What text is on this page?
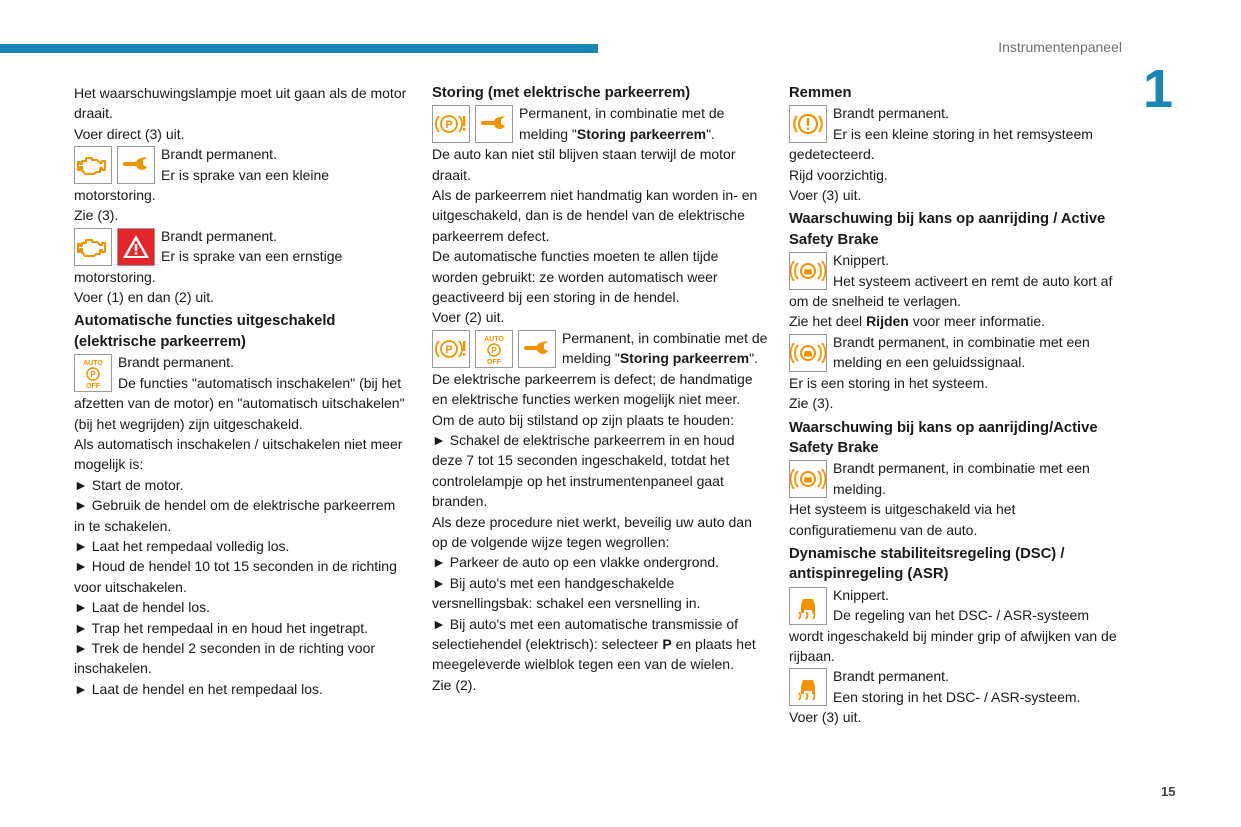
Instrumentenpaneel
1
15

Het waarschuwingslampje moet uit gaan als de motor draait.

Voer direct (3) uit.

Brandt permanent.
Er is sprake van een kleine motorstoring.

Zie (3).

Brandt permanent.
Er is sprake van een ernstige motorstoring.

Voer (1) en dan (2) uit.

Automatische functies uitgeschakeld (elektrische parkeerrem)
AUTO
P
OFF
Brandt permanent.
De functies "automatisch inschakelen" (bij het afzetten van de motor) en "automatisch uitschakelen" (bij het wegrijden) zijn uitgeschakeld.

Als automatisch inschakelen / uitschakelen niet meer mogelijk is:

► Start de motor.

► Gebruik de hendel om de elektrische parkeerrem in te schakelen.

► Laat het rempedaal volledig los.

► Houd de hendel 10 tot 15 seconden in de richting voor uitschakelen.

► Laat de hendel los.

► Trap het rempedaal in en houd het ingetrapt.

► Trek de hendel 2 seconden in de richting voor inschakelen.

► Laat de hendel en het rempedaal los.

Storing (met elektrische parkeerrem)
P
Permanent, in combinatie met de melding "Storing parkeerrem".

De auto kan niet stil blijven staan terwijl de motor draait.

Als de parkeerrem niet handmatig kan worden in- en uitgeschakeld, dan is de hendel van de elektrische parkeerrem defect.

De automatische functies moeten te allen tijde worden gebruikt: ze worden automatisch weer geactiveerd bij een storing in de hendel.

Voer (2) uit.

P
AUTO
P
OFF
Permanent, in combinatie met de melding "Storing parkeerrem".

De elektrische parkeerrem is defect; de handmatige en elektrische functies werken mogelijk niet meer.

Om de auto bij stilstand op zijn plaats te houden:

► Schakel de elektrische parkeerrem in en houd deze 7 tot 15 seconden ingeschakeld, totdat het controlelampje op het instrumentenpaneel gaat branden.

Als deze procedure niet werkt, beveilig uw auto dan op de volgende wijze tegen wegrollen:

► Parkeer de auto op een vlakke ondergrond.

► Bij auto's met een handgeschakelde versnellingsbak: schakel een versnelling in.

► Bij auto's met een automatische transmissie of selectiehendel (elektrisch): selecteer P en plaats het meegeleverde wielblok tegen een van de wielen.

Zie (2).

Remmen
Brandt permanent.
Er is een kleine storing in het remsysteem gedetecteerd.

Rijd voorzichtig.

Voer (3) uit.

Waarschuwing bij kans op aanrijding / Active Safety Brake
Knippert.
Het systeem activeert en remt de auto kort af om de snelheid te verlagen.

Zie het deel Rijden voor meer informatie.

Brandt permanent, in combinatie met een melding en een geluidssignaal.

Er is een storing in het systeem.

Zie (3).

Waarschuwing bij kans op aanrijding/Active Safety Brake
Brandt permanent, in combinatie met een melding.

Het systeem is uitgeschakeld via het configuratiemenu van de auto.

Dynamische stabiliteitsregeling (DSC) / antispinregeling (ASR)
Knippert.
De regeling van het DSC- / ASR-systeem wordt ingeschakeld bij minder grip of afwijken van de rijbaan.
Brandt permanent.
Een storing in het DSC- / ASR-systeem.

Voer (3) uit.
